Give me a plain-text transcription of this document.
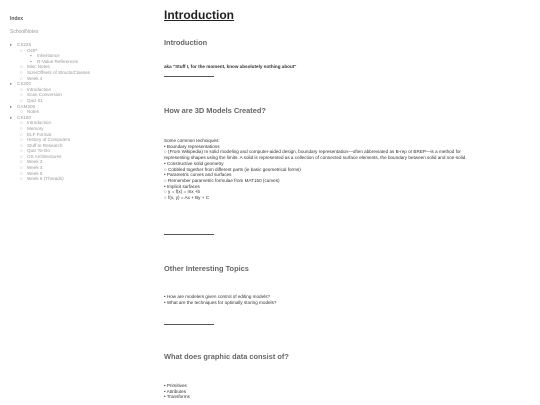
Index
SchoolNotes
▸ CS225
○ OOP
▪ Inheritance
▪ R-Value References
○ Misc Notes
○ Size/Offsets of Structs/Classes
○ Week 4
▸ CS200
○ Introduction
○ Scan Conversion
○ Quiz 01
▸ GAM200
○ Notes
▸ CS180
○ Introduction
○ Memory
○ ELF Format
○ History of Computers
○ Stuff to Research
○ Quiz To-Do
○ OS Architectures
○ Week 3
○ Week 4
○ Week 5
○ Week 6 (Threads)
Introduction
Introduction
aka "Stuff I, for the moment, know absolutely nothing about"
How are 3D Models Created?
Some common techniques:
• Boundary representations
○ (From Wikipedia) In solid modeling and computer-aided design, boundary representation—often abbreviated as B-rep or BREP—is a method for
representing shapes using the limits. A solid is represented as a collection of connected surface elements, the boundary between solid and non-solid.
• Constructive solid geometry
○ Cobbled together from different parts (ie basic geometrical forms)
• Parametric curves and surfaces
○ Remember parametric formulae from MAT150 (curves)
• Implicit surfaces
○ y = f(x) = mx +b
○ f(x, y) = Ax + By + C
Other Interesting Topics
• How are modelers given control of editing models?
• What are the techniques for optimally storing models?
What does graphic data consist of?
• Primitives
• Attributes
• Transforms
